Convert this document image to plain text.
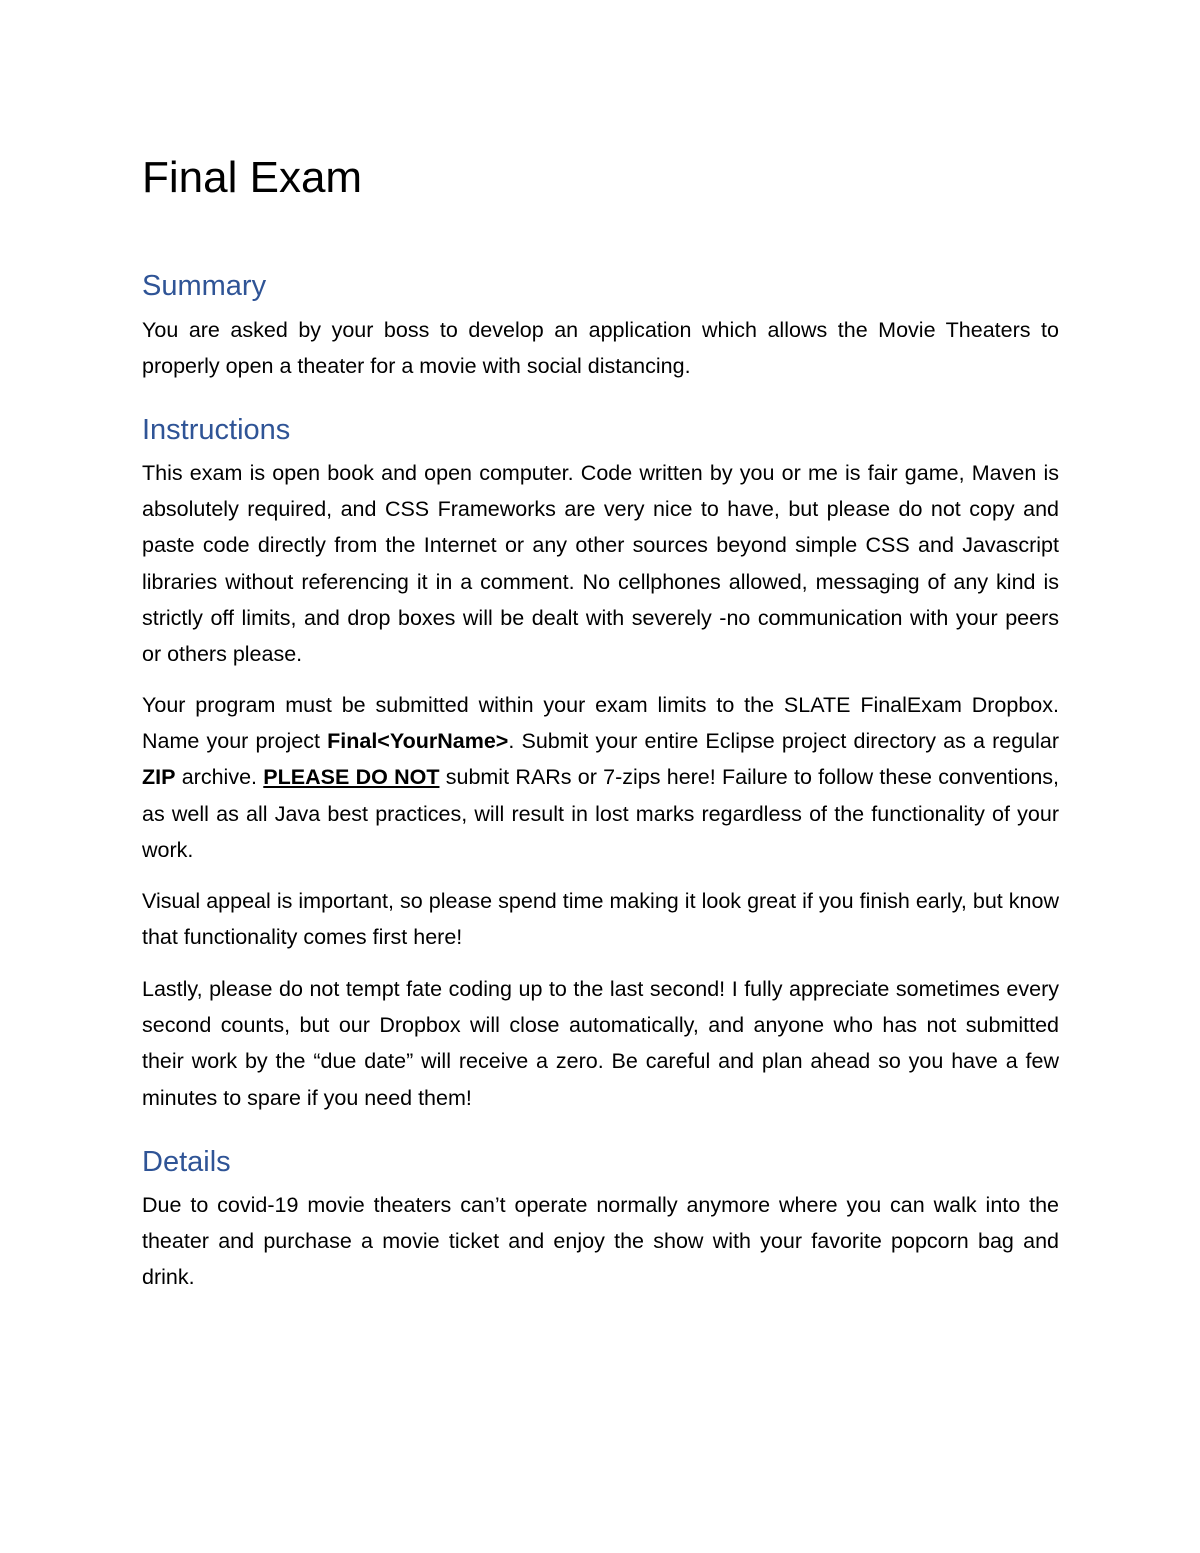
Final Exam
Summary

You are asked by your boss to develop an application which allows the Movie Theaters to properly open a theater for a movie with social distancing.

Instructions

This exam is open book and open computer. Code written by you or me is fair game, Maven is absolutely required, and CSS Frameworks are very nice to have, but please do not copy and paste code directly from the Internet or any other sources beyond simple CSS and Javascript libraries without referencing it in a comment. No cellphones allowed, messaging of any kind is strictly off limits, and drop boxes will be dealt with severely -no communication with your peers or others please.

Your program must be submitted within your exam limits to the SLATE FinalExam Dropbox. Name your project Final<YourName>. Submit your entire Eclipse project directory as a regular ZIP archive. PLEASE DO NOT submit RARs or 7-zips here! Failure to follow these conventions, as well as all Java best practices, will result in lost marks regardless of the functionality of your work.

Visual appeal is important, so please spend time making it look great if you finish early, but know that functionality comes first here!

Lastly, please do not tempt fate coding up to the last second! I fully appreciate sometimes every second counts, but our Dropbox will close automatically, and anyone who has not submitted their work by the “due date” will receive a zero. Be careful and plan ahead so you have a few minutes to spare if you need them!

Details

Due to covid-19 movie theaters can’t operate normally anymore where you can walk into the theater and purchase a movie ticket and enjoy the show with your favorite popcorn bag and drink.
